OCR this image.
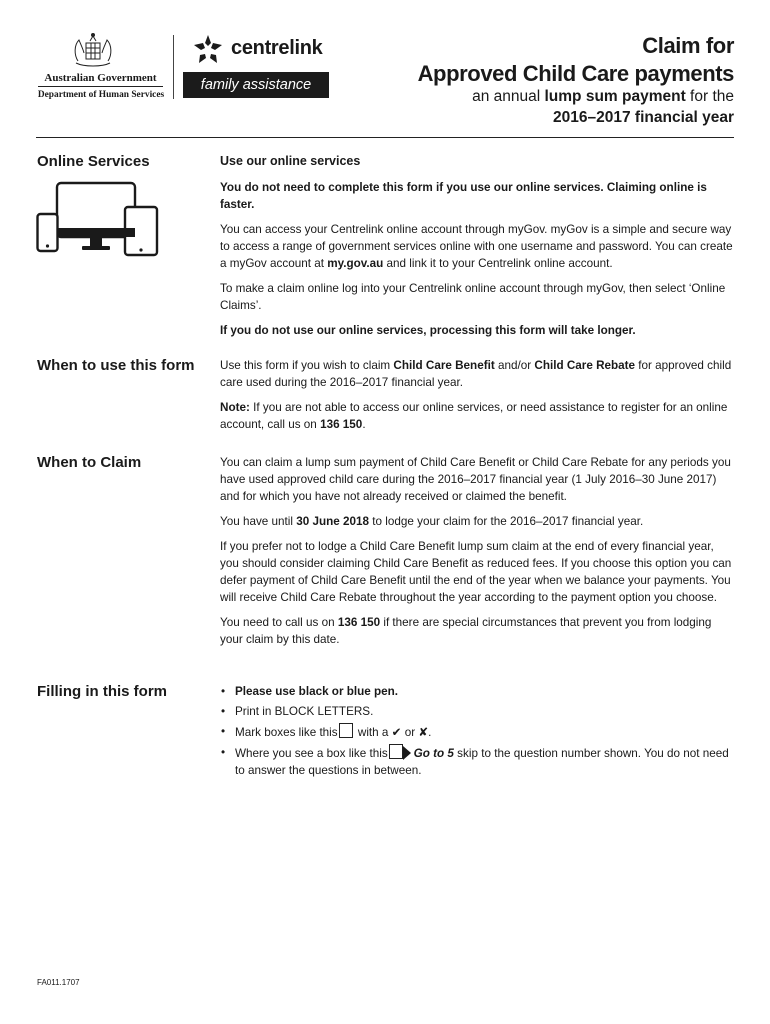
Australian Government
Department of Human Services
centrelink
family assistance
Claim for
Approved Child Care payments
an annual lump sum payment for the
2016–2017 financial year
Online Services	Use our online services

You do not need to complete this form if you use our online services. Claiming online is faster.

You can access your Centrelink online account through myGov. myGov is a simple and secure way to access a range of government services online with one username and password. You can create a myGov account at my.gov.au and link it to your Centrelink online account.

To make a claim online log into your Centrelink online account through myGov, then select ‘Online Claims’.

If you do not use our online services, processing this form will take longer.

When to use this form Use this form if you wish to claim Child Care Benefit and/or Child Care Rebate for approved child care used during the 2016–2017 financial year.

Note: If you are not able to access our online services, or need assistance to register for an online account, call us on 136 150.

When to Claim	You can claim a lump sum payment of Child Care Benefit or Child Care Rebate for any periods you have used approved child care during the 2016–2017 financial year (1 July 2016–30 June 2017) and for which you have not already received or claimed the benefit.

You have until 30 June 2018 to lodge your claim for the 2016–2017 financial year.

If you prefer not to lodge a Child Care Benefit lump sum claim at the end of every financial year, you should consider claiming Child Care Benefit as reduced fees. If you choose this option you can defer payment of Child Care Benefit until the end of the year when we balance your payments. You will receive Child Care Rebate throughout the year according to the payment option you choose.

You need to call us on 136 150 if there are special circumstances that prevent you from lodging your claim by this date.

Filling in this form
•	Please use black or blue pen.
• Print in BLOCK LETTERS.
• Mark boxes like this with a ✔ or ✘.
• Where you see a box like this Go to 5 skip to the question number shown. You do not need to answer the questions in between.
FA011.1707
